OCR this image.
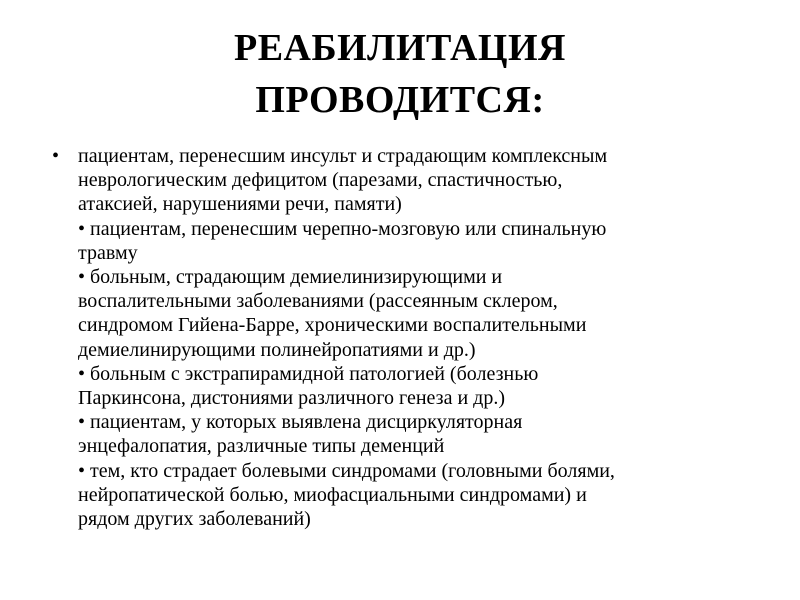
РЕАБИЛИТАЦИЯ
ПРОВОДИТСЯ:
• пациентам, перенесшим инсульт и страдающим комплексным
неврологическим дефицитом (парезами, спастичностью,
атаксией, нарушениями речи, памяти)
• пациентам, перенесшим черепно-мозговую или спинальную
травму
• больным, страдающим демиелинизирующими и
воспалительными заболеваниями (рассеянным склером,
синдромом Гийена-Барре, хроническими воспалительными
демиелинирующими полинейропатиями и др.)
• больным с экстрапирамидной патологией (болезнью
Паркинсона, дистониями различного генеза и др.)
• пациентам, у которых выявлена дисциркуляторная
энцефалопатия, различные типы деменций
• тем, кто страдает болевыми синдромами (головными болями,
нейропатической болью, миофасциальными синдромами) и
рядом других заболеваний)
